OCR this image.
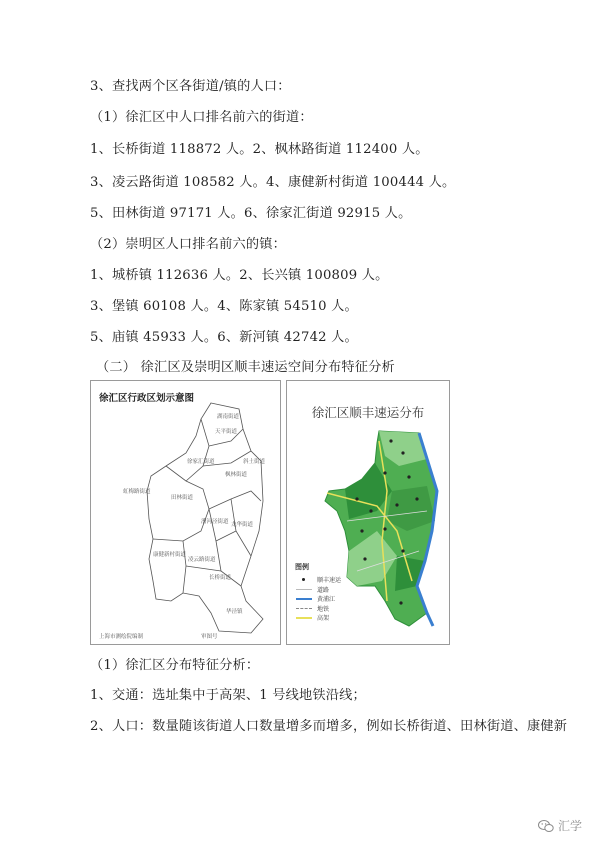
3、查找两个区各街道/镇的人口：
（1）徐汇区中人口排名前六的街道：
1、长桥街道 118872 人。2、枫林路街道 112400 人。
3、凌云路街道 108582 人。4、康健新村街道 100444 人。
5、田林街道 97171 人。6、徐家汇街道 92915 人。
（2）崇明区人口排名前六的镇：
1、城桥镇 112636 人。2、长兴镇 100809 人。
3、堡镇 60108 人。4、陈家镇 54510 人。
5、庙镇 45933 人。6、新河镇 42742 人。
（二） 徐汇区及崇明区顺丰速运空间分布特征分析
徐汇区行政区划示意图
湖南街道
天平街道
徐家汇街道
枫林街道
斜土街道
田林街道
虹梅路街道
康健新村街道
漕河泾街道 龙华街道
凌云路街道
长桥街道
华泾镇
上海市测绘院编制	审图号
徐汇区顺丰速运分布
图例
顺丰速运
道路
黄浦江
地铁
高架
（1）徐汇区分布特征分析：
1、交通：选址集中于高架、1 号线地铁沿线；
2、人口：数量随该街道人口数量增多而增多，例如长桥街道、田林街道、康健新
汇学
